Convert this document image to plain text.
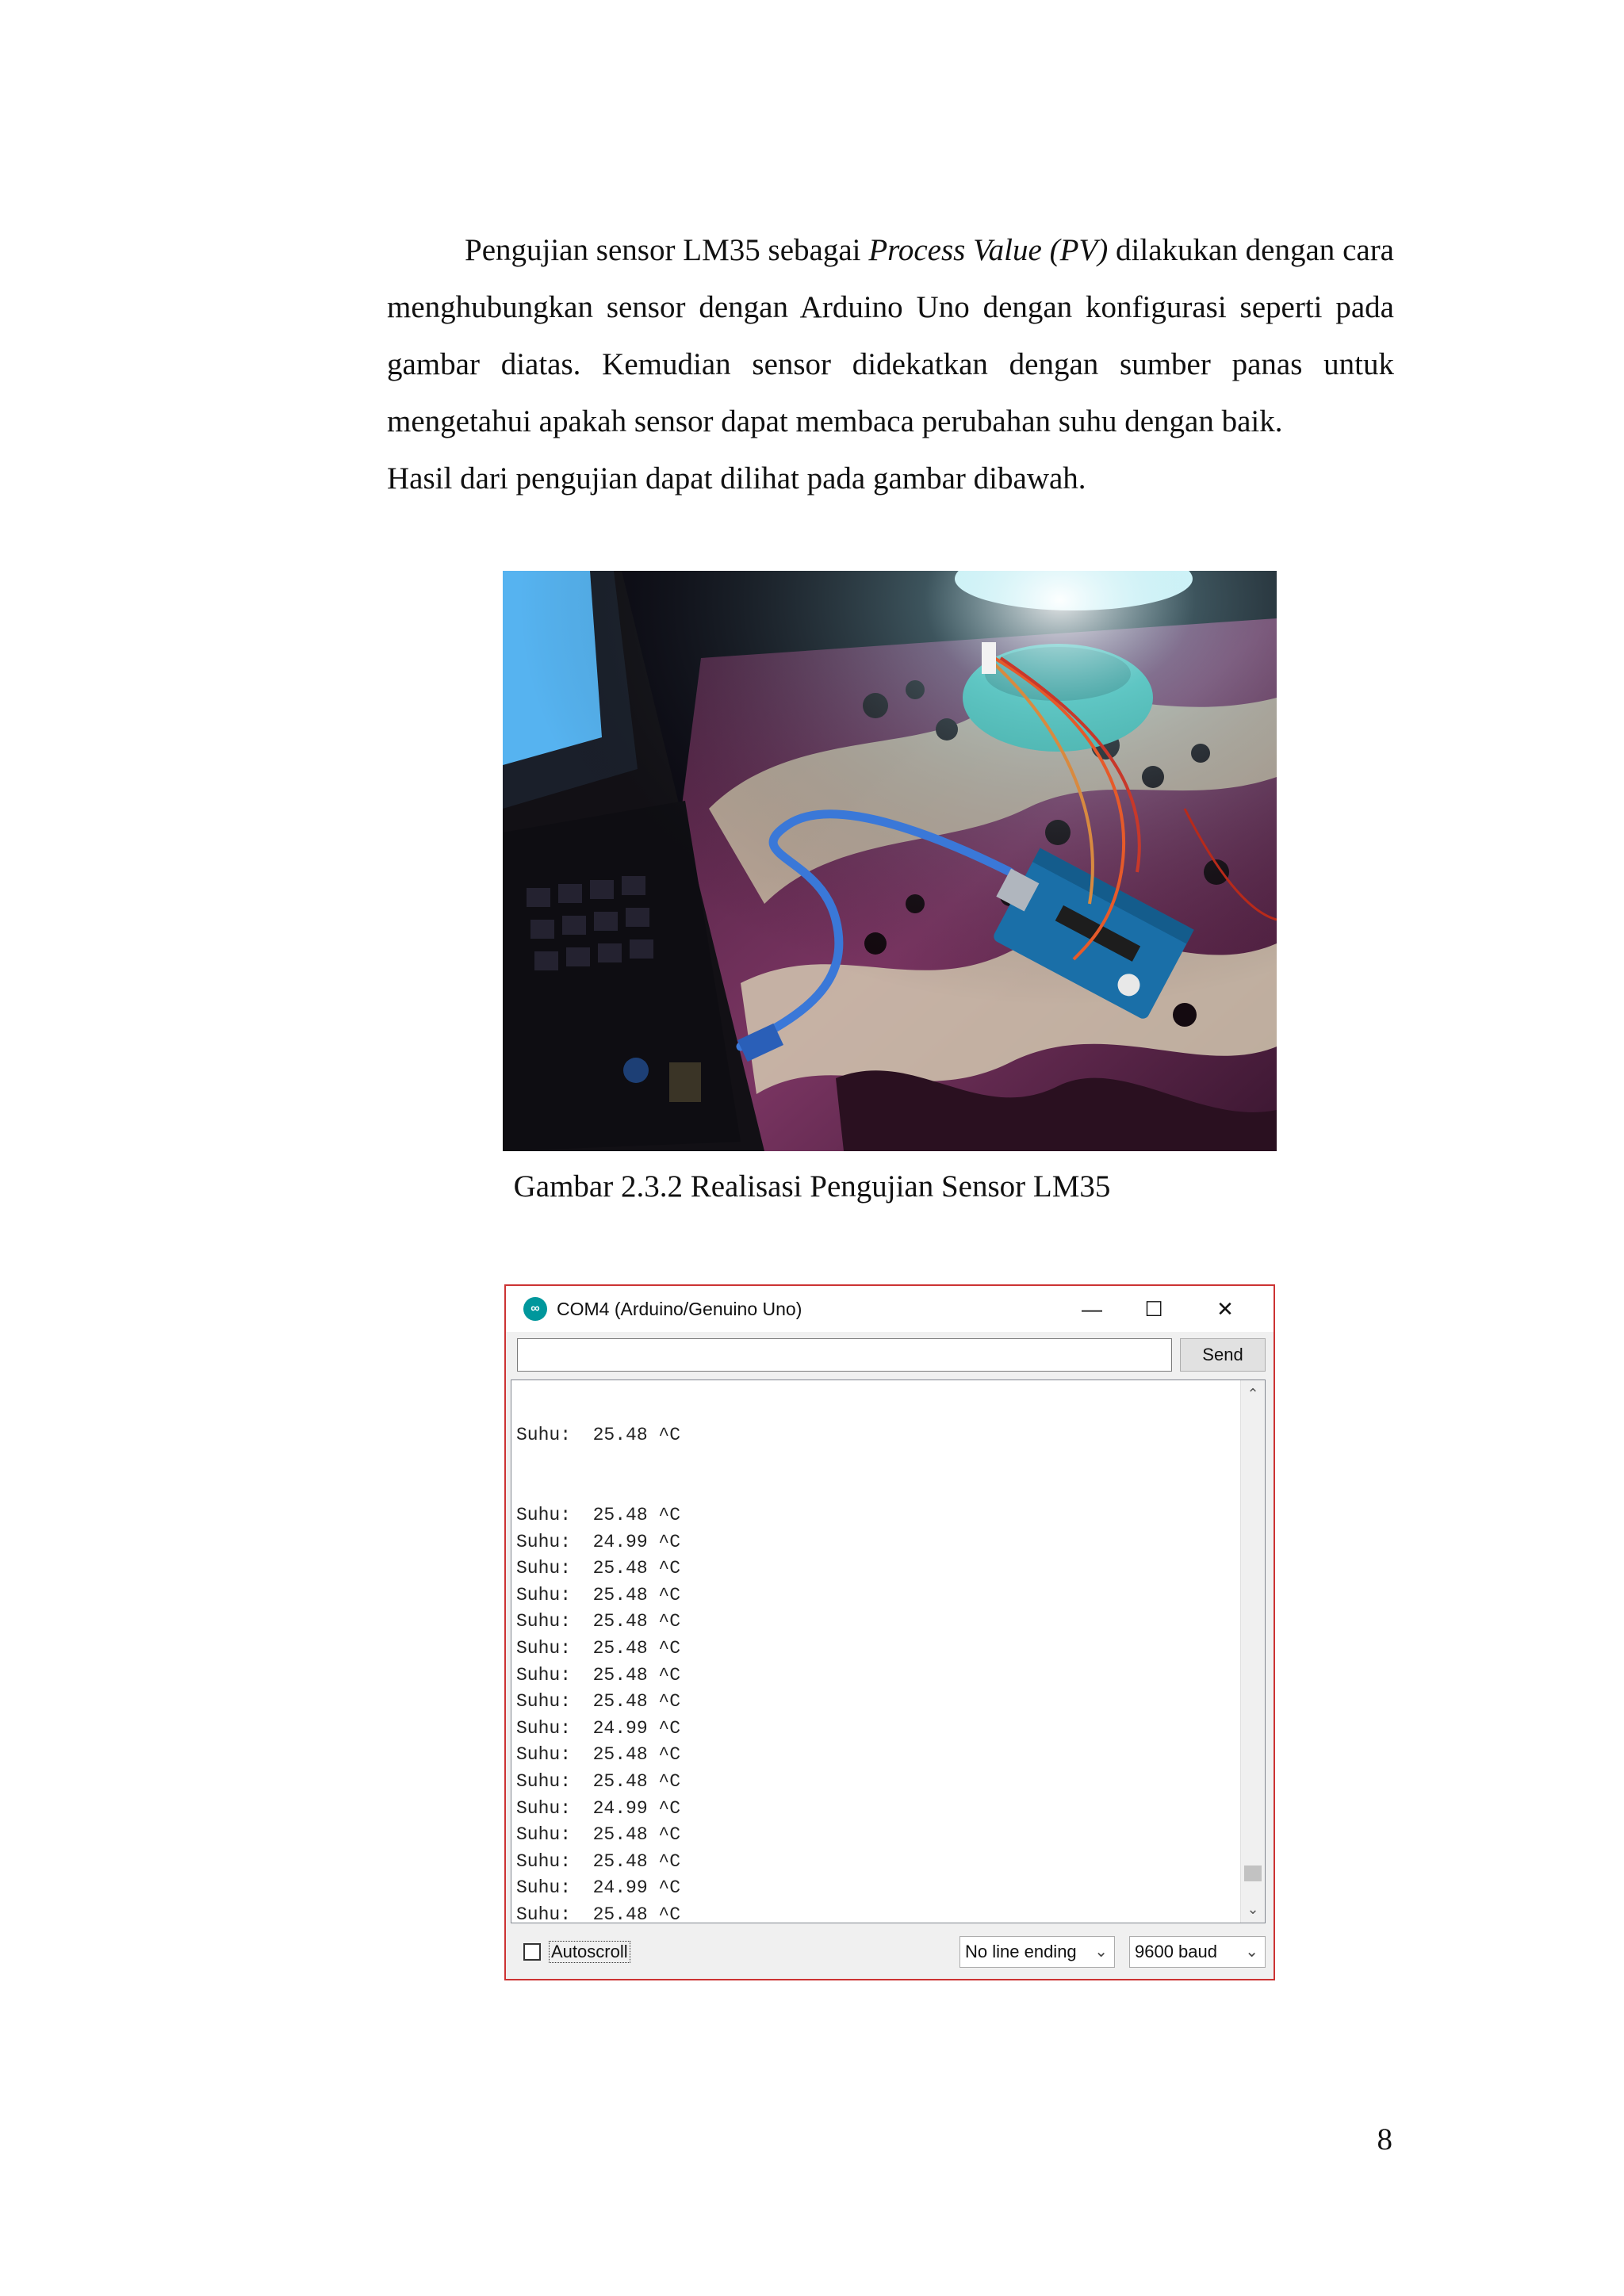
Pengujian sensor LM35 sebagai Process Value (PV) dilakukan dengan cara menghubungkan sensor dengan Arduino Uno dengan konfigurasi seperti pada gambar diatas. Kemudian sensor didekatkan dengan sumber panas untuk mengetahui apakah sensor dapat membaca perubahan suhu dengan baik.

Hasil dari pengujian dapat dilihat pada gambar dibawah.

Gambar 2.3.2 Realisasi Pengujian Sensor LM35

∞ COM4 (Arduino/Genuino Uno)	—	☐	✕
Send

Suhu:  25.48 ^C

Suhu:  25.48 ^C
Suhu:  24.99 ^C
Suhu:  25.48 ^C
Suhu:  25.48 ^C
Suhu:  25.48 ^C
Suhu:  25.48 ^C
Suhu:  25.48 ^C
Suhu:  25.48 ^C
Suhu:  24.99 ^C
Suhu:  25.48 ^C
Suhu:  25.48 ^C
Suhu:  24.99 ^C
Suhu:  25.48 ^C
Suhu:  25.48 ^C
Suhu:  24.99 ^C
Suhu:  25.48 ^C
⌃
⌄
Autoscroll	No line ending ⌄ 9600 baud ⌄

8
